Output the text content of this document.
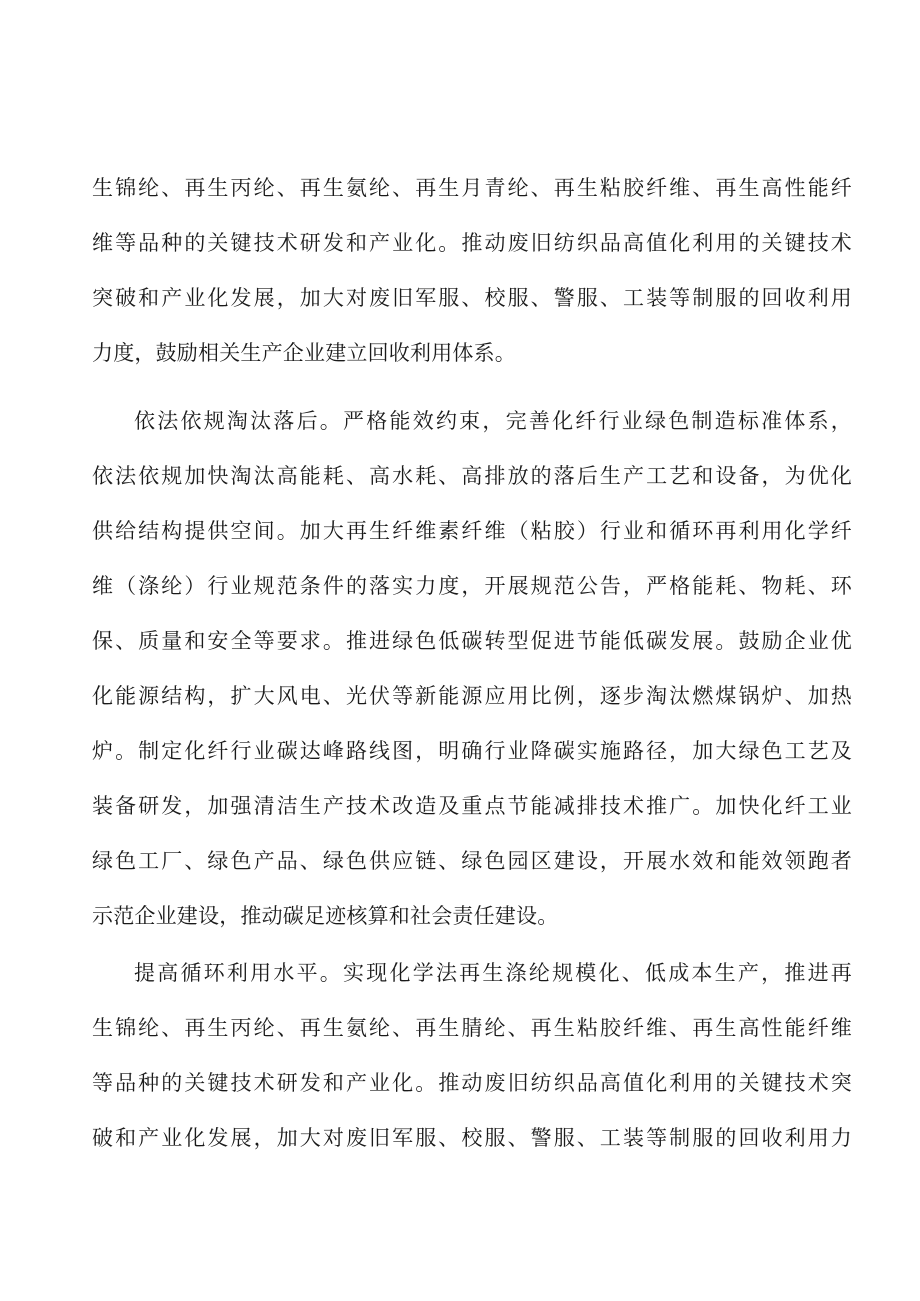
生锦纶、再生丙纶、再生氨纶、再生月青纶、再生粘胶纤维、再生高性能纤
维等品种的关键技术研发和产业化。推动废旧纺织品高值化利用的关键技术
突破和产业化发展，加大对废旧军服、校服、警服、工装等制服的回收利用
力度，鼓励相关生产企业建立回收利用体系。
依法依规淘汰落后。严格能效约束，完善化纤行业绿色制造标准体系，
依法依规加快淘汰高能耗、高水耗、高排放的落后生产工艺和设备，为优化
供给结构提供空间。加大再生纤维素纤维（粘胶）行业和循环再利用化学纤
维（涤纶）行业规范条件的落实力度，开展规范公告，严格能耗、物耗、环
保、质量和安全等要求。推进绿色低碳转型促进节能低碳发展。鼓励企业优
化能源结构，扩大风电、光伏等新能源应用比例，逐步淘汰燃煤锅炉、加热
炉。制定化纤行业碳达峰路线图，明确行业降碳实施路径，加大绿色工艺及
装备研发，加强清洁生产技术改造及重点节能减排技术推广。加快化纤工业
绿色工厂、绿色产品、绿色供应链、绿色园区建设，开展水效和能效领跑者
示范企业建设，推动碳足迹核算和社会责任建设。
提高循环利用水平。实现化学法再生涤纶规模化、低成本生产，推进再
生锦纶、再生丙纶、再生氨纶、再生腈纶、再生粘胶纤维、再生高性能纤维
等品种的关键技术研发和产业化。推动废旧纺织品高值化利用的关键技术突
破和产业化发展，加大对废旧军服、校服、警服、工装等制服的回收利用力
